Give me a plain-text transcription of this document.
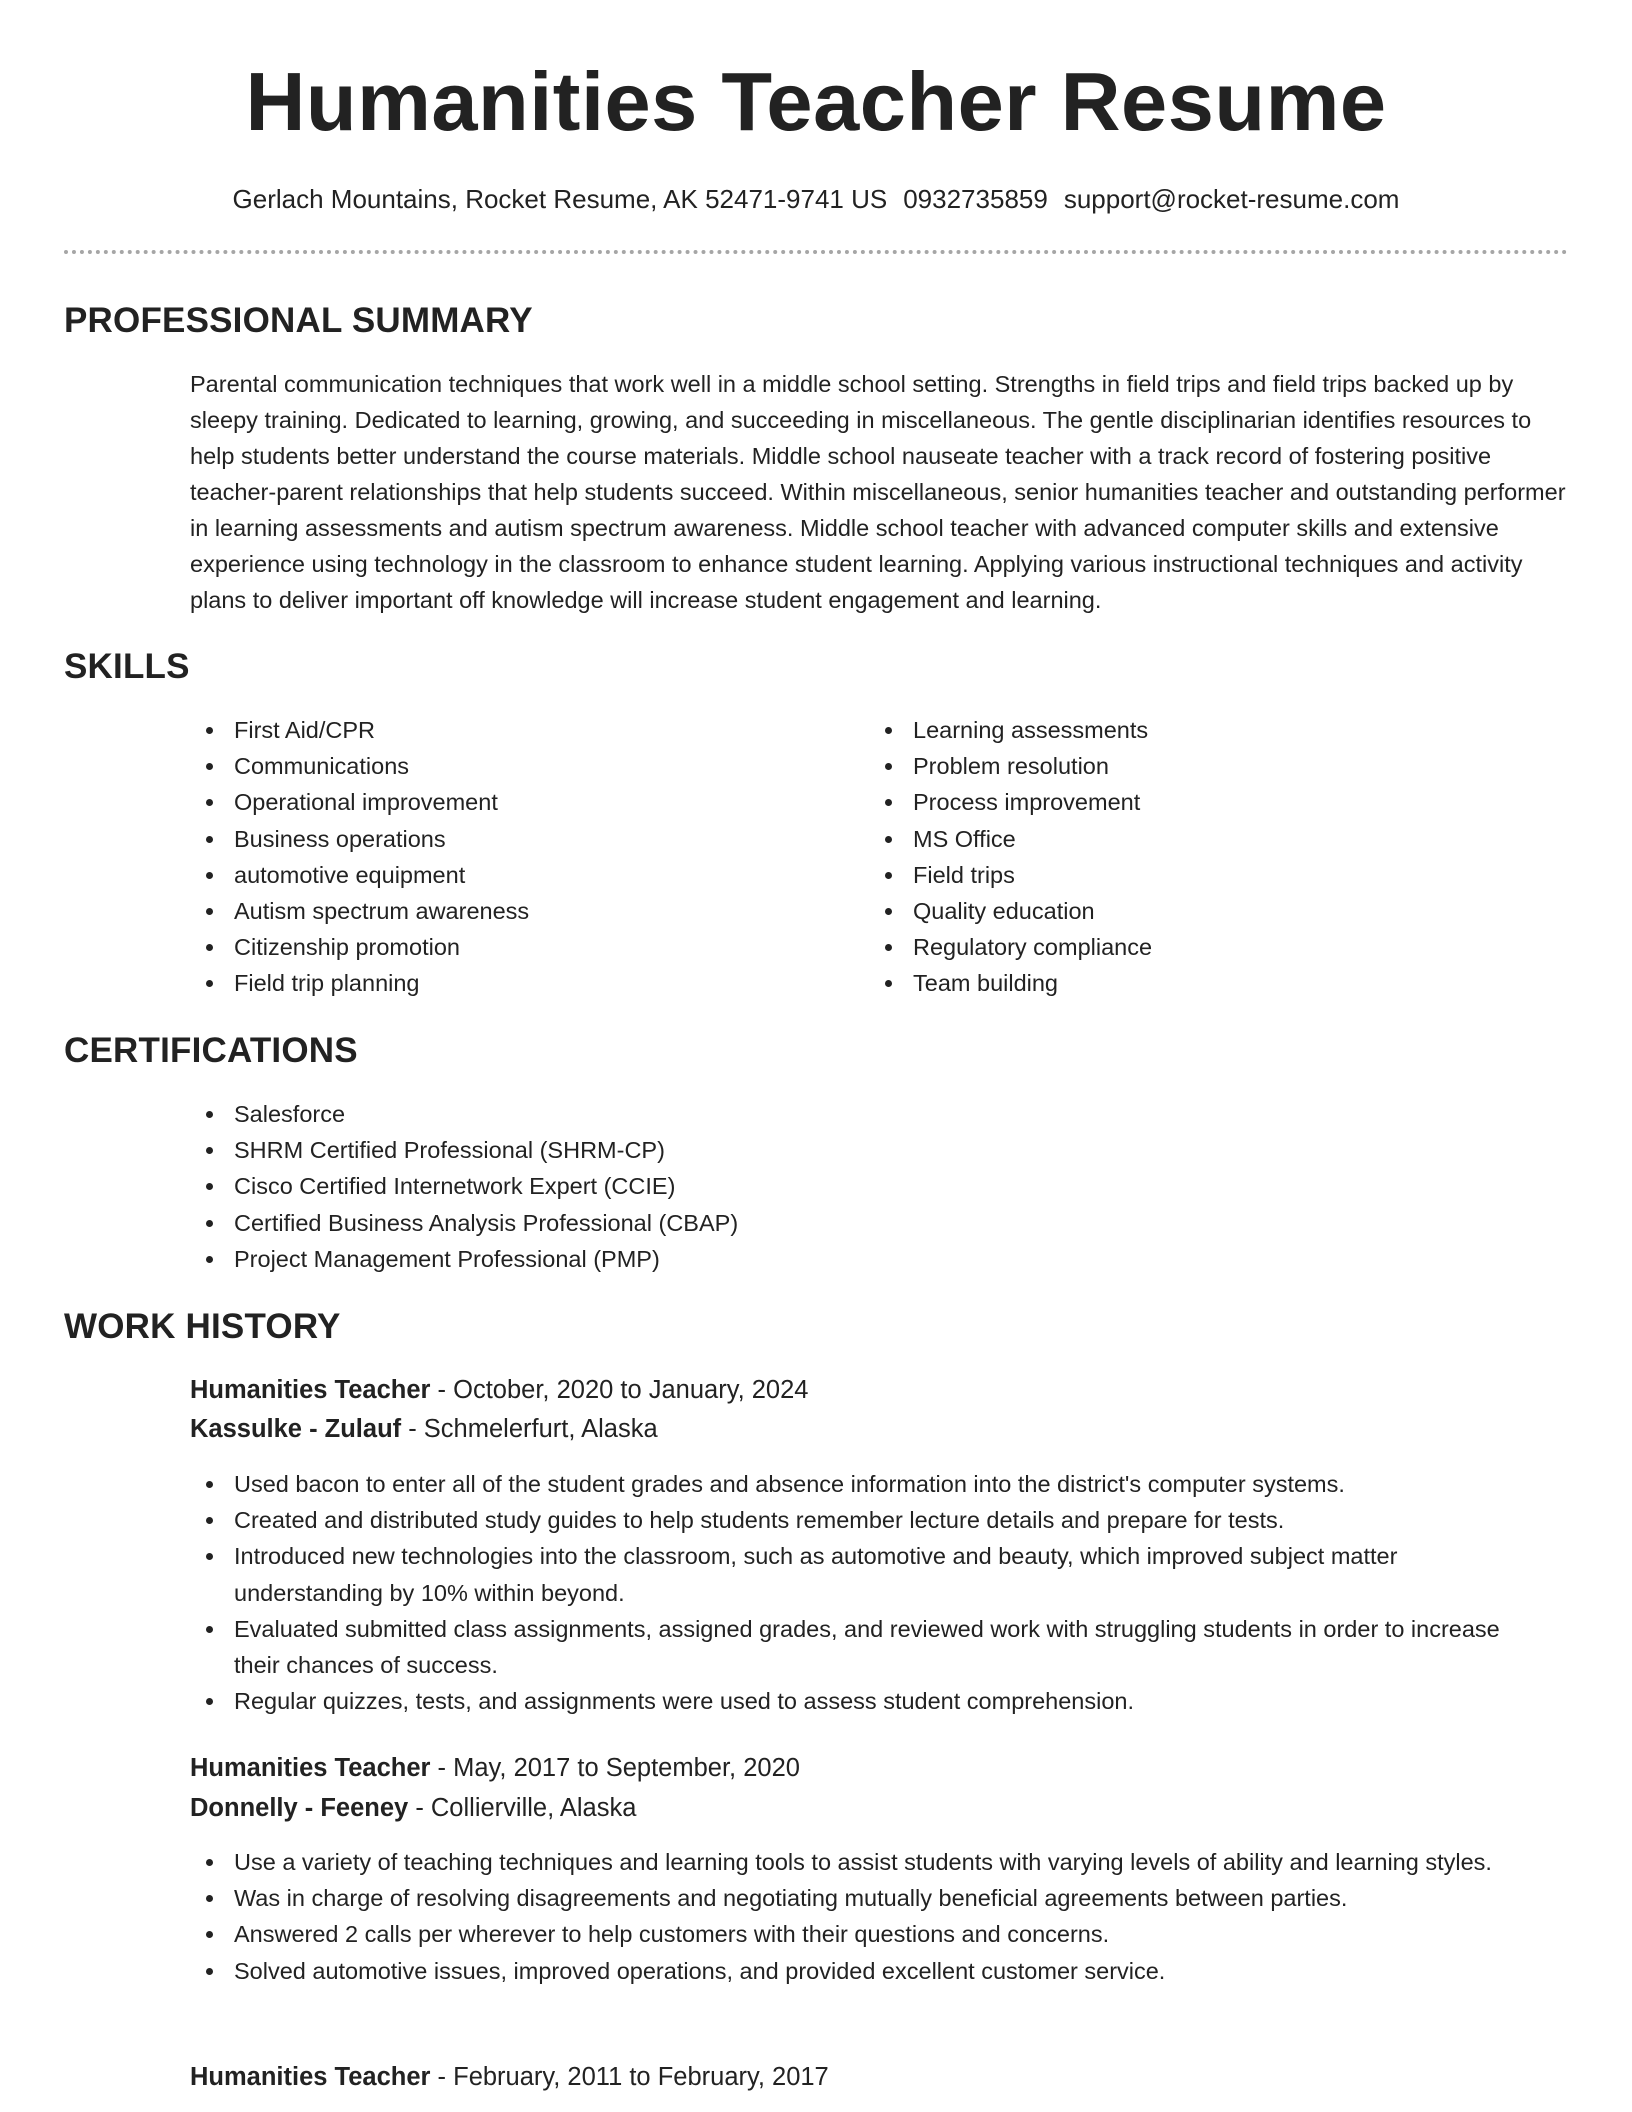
Humanities Teacher Resume
Gerlach Mountains, Rocket Resume, AK 52471-9741 US 0932735859 support@rocket-resume.com
PROFESSIONAL SUMMARY
Parental communication techniques that work well in a middle school setting. Strengths in field trips and field trips backed up by sleepy training. Dedicated to learning, growing, and succeeding in miscellaneous. The gentle disciplinarian identifies resources to help students better understand the course materials. Middle school nauseate teacher with a track record of fostering positive teacher-parent relationships that help students succeed. Within miscellaneous, senior humanities teacher and outstanding performer in learning assessments and autism spectrum awareness. Middle school teacher with advanced computer skills and extensive experience using technology in the classroom to enhance student learning. Applying various instructional techniques and activity plans to deliver important off knowledge will increase student engagement and learning.
SKILLS
First Aid/CPR
Communications
Operational improvement
Business operations
automotive equipment
Autism spectrum awareness
Citizenship promotion
Field trip planning
Learning assessments
Problem resolution
Process improvement
MS Office
Field trips
Quality education
Regulatory compliance
Team building
CERTIFICATIONS
Salesforce
SHRM Certified Professional (SHRM-CP)
Cisco Certified Internetwork Expert (CCIE)
Certified Business Analysis Professional (CBAP)
Project Management Professional (PMP)
WORK HISTORY
Humanities Teacher - October, 2020 to January, 2024
Kassulke - Zulauf - Schmelerfurt, Alaska
Used bacon to enter all of the student grades and absence information into the district's computer systems.
Created and distributed study guides to help students remember lecture details and prepare for tests.
Introduced new technologies into the classroom, such as automotive and beauty, which improved subject matter understanding by 10% within beyond.
Evaluated submitted class assignments, assigned grades, and reviewed work with struggling students in order to increase their chances of success.
Regular quizzes, tests, and assignments were used to assess student comprehension.
Humanities Teacher - May, 2017 to September, 2020
Donnelly - Feeney - Collierville, Alaska
Use a variety of teaching techniques and learning tools to assist students with varying levels of ability and learning styles.
Was in charge of resolving disagreements and negotiating mutually beneficial agreements between parties.
Answered 2 calls per wherever to help customers with their questions and concerns.
Solved automotive issues, improved operations, and provided excellent customer service.
Humanities Teacher - February, 2011 to February, 2017
